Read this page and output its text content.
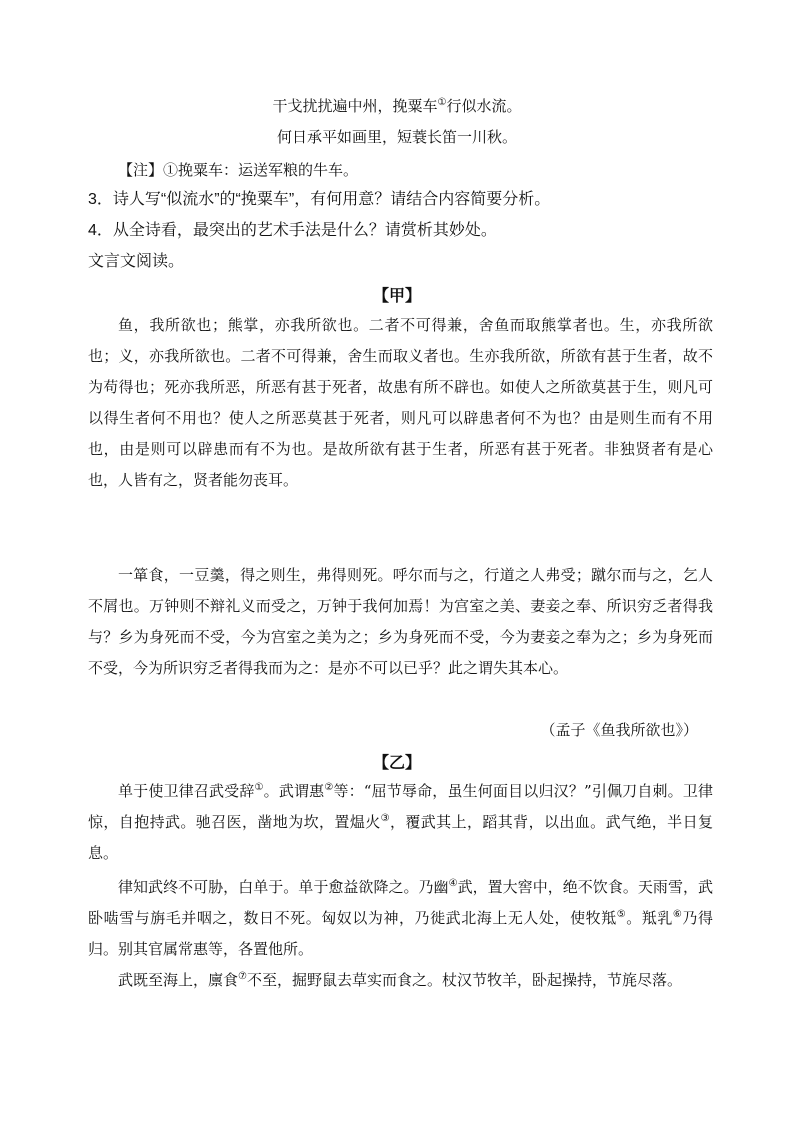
干戈扰扰遍中州，挽粟车①行似水流。
何日承平如画里，短蓑长笛一川秋。
【注】①挽粟车：运送军粮的牛车。
3．诗人写“似流水”的“挽粟车”，有何用意？请结合内容简要分析。
4．从全诗看，最突出的艺术手法是什么？请赏析其妙处。
文言文阅读。
【甲】
鱼，我所欲也；熊掌，亦我所欲也。二者不可得兼，舍鱼而取熊掌者也。生，亦我所欲也；义，亦我所欲也。二者不可得兼，舍生而取义者也。生亦我所欲，所欲有甚于生者，故不为苟得也；死亦我所恶，所恶有甚于死者，故患有所不辟也。如使人之所欲莫甚于生，则凡可以得生者何不用也？使人之所恶莫甚于死者，则凡可以辟患者何不为也？由是则生而有不用也，由是则可以辟患而有不为也。是故所欲有甚于生者，所恶有甚于死者。非独贤者有是心也，人皆有之，贤者能勿丧耳。
一箪食，一豆羹，得之则生，弗得则死。呼尔而与之，行道之人弗受；蹴尔而与之，乞人不屑也。万钟则不辩礼义而受之，万钟于我何加焉！为宫室之美、妻妾之奉、所识穷乏者得我与？乡为身死而不受，今为宫室之美为之；乡为身死而不受，今为妻妾之奉为之；乡为身死而不受，今为所识穷乏者得我而为之：是亦不可以已乎？此之谓失其本心。
（孟子《鱼我所欲也》）
【乙】
单于使卫律召武受辞①。武谓惠②等：“屈节辱命，虽生何面目以归汉？”引佩刀自刺。卫律惊，自抱持武。驰召医，凿地为坎，置煴火③，覆武其上，蹈其背，以出血。武气绝，半日复息。
律知武终不可胁，白单于。单于愈益欲降之。乃幽④武，置大窖中，绝不饮食。天雨雪，武卧啮雪与旃毛并咽之，数日不死。匈奴以为神，乃徙武北海上无人处，使牧羝⑤。羝乳⑥乃得归。别其官属常惠等，各置他所。
武既至海上，廪食⑦不至，掘野鼠去草实而食之。杖汉节牧羊，卧起操持，节旄尽落。
